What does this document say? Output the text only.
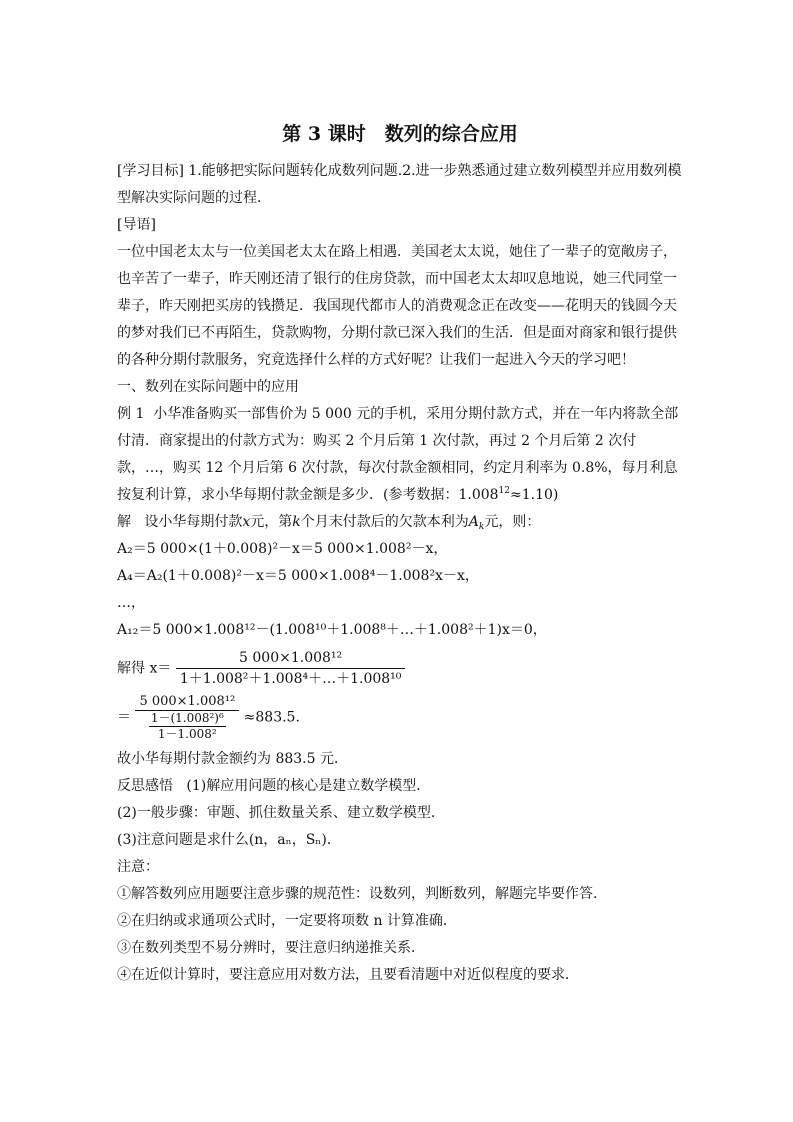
第 3 课时　数列的综合应用

[学习目标] 1.能够把实际问题转化成数列问题.2.进一步熟悉通过建立数列模型并应用数列模型解决实际问题的过程．

[导语]

一位中国老太太与一位美国老太太在路上相遇．美国老太太说，她住了一辈子的宽敞房子，也辛苦了一辈子，昨天刚还清了银行的住房贷款，而中国老太太却叹息地说，她三代同堂一辈子，昨天刚把买房的钱攒足．我国现代都市人的消费观念正在改变——花明天的钱圆今天的梦对我们已不再陌生，贷款购物，分期付款已深入我们的生活．但是面对商家和银行提供的各种分期付款服务，究竟选择什么样的方式好呢？让我们一起进入今天的学习吧！

一、数列在实际问题中的应用

例 1 小华准备购买一部售价为 5 000 元的手机，采用分期付款方式，并在一年内将款全部付清．商家提出的付款方式为：购买 2 个月后第 1 次付款，再过 2 个月后第 2 次付款，…，购买 12 个月后第 6 次付款，每次付款金额相同，约定月利率为 0.8%，每月利息按复利计算，求小华每期付款金额是多少．(参考数据：$1.008^{12}\approx 1.10$)

解 设小华每期付款x元，第k个月末付款后的欠款本利为$A_k$元，则：

A₂＝5 000×(1＋0.008)²－x＝5 000×1.008²－x，

A₄＝A₂(1＋0.008)²－x＝5 000×1.008⁴－1.008²x－x，

…，

A₁₂＝5 000×1.008¹²－(1.008¹⁰＋1.008⁸＋…＋1.008²＋1)x＝0，

解得 $x= \frac{\text{5 000×1.008¹²}}{\text{1＋1.008²＋1.008⁴＋…＋1.008¹⁰}}$
＝ $\frac{\text{5 000×1.008¹²}}{\frac{\text{1－(1.008²)⁶}}{\text{1－1.008²}}} \approx 883.5$.

故小华每期付款金额约为 883.5 元．

反思感悟 (1)解应用问题的核心是建立数学模型．

(2)一般步骤：审题、抓住数量关系、建立数学模型．

(3)注意问题是求什么(n，aₙ，Sₙ)．

注意：

①解答数列应用题要注意步骤的规范性：设数列，判断数列，解题完毕要作答．

②在归纳或求通项公式时，一定要将项数 n 计算准确．

③在数列类型不易分辨时，要注意归纳递推关系．

④在近似计算时，要注意应用对数方法，且要看清题中对近似程度的要求．
